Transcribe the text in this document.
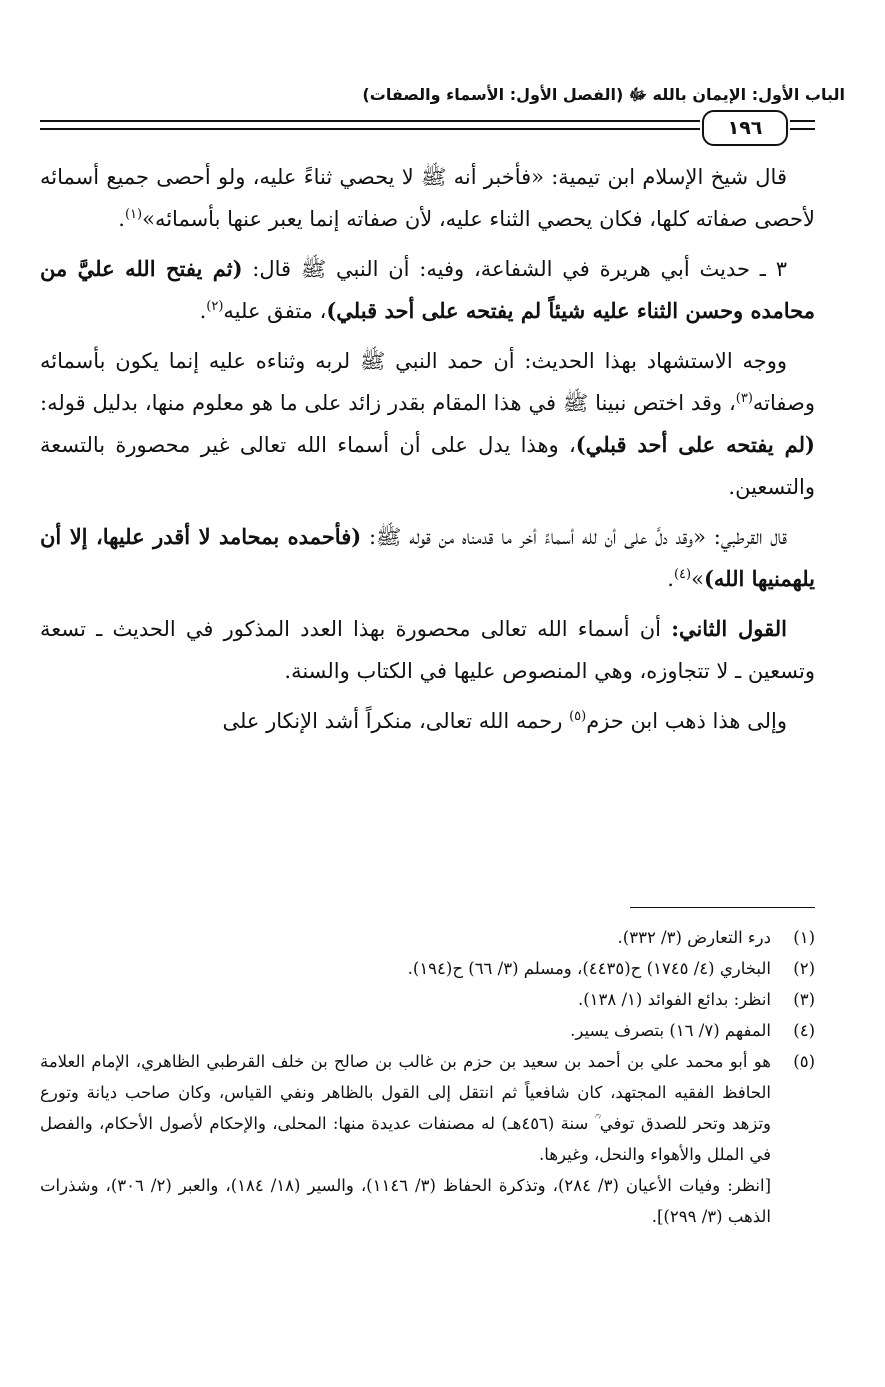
الباب الأول: الإيمان بالله ﷻ (الفصل الأول: الأسماء والصفات)
١٩٦

قال شيخ الإسلام ابن تيمية: «فأخبر أنه ﷺ لا يحصي ثناءً عليه، ولو أحصى جميع أسمائه لأحصى صفاته كلها، فكان يحصي الثناء عليه، لأن صفاته إنما يعبر عنها بأسمائه»$^{(١)}$.

٣ ـ حديث أبي هريرة في الشفاعة، وفيه: أن النبي ﷺ قال: (ثم يفتح الله عليَّ من محامده وحسن الثناء عليه شيئاً لم يفتحه على أحد قبلي)، متفق عليه$^{(٢)}$.

ووجه الاستشهاد بهذا الحديث: أن حمد النبي ﷺ لربه وثناءه عليه إنما يكون بأسمائه وصفاته$^{(٣)}$، وقد اختص نبينا ﷺ في هذا المقام بقدر زائد على ما هو معلوم منها، بدليل قوله: (لم يفتحه على أحد قبلي)، وهذا يدل على أن أسماء الله تعالى غير محصورة بالتسعة والتسعين.

قال القرطبي: «وقد دلَّ على أن لله أسماءً أخر ما قدمناه من قوله ﷺ: (فأحمده بمحامد لا أقدر عليها، إلا أن يلهمنيها الله)»$^{(٤)}$.

القول الثاني: أن أسماء الله تعالى محصورة بهذا العدد المذكور في الحديث ـ تسعة وتسعين ـ لا تتجاوزه، وهي المنصوص عليها في الكتاب والسنة.

وإلى هذا ذهب ابن حزم$^{(٥)}$ رحمه الله تعالى، منكراً أشد الإنكار على

(١)
درء التعارض (٣/ ٣٣٢).
(٢)
البخاري (٤/ ١٧٤٥) ح(٤٤٣٥)، ومسلم (٣/ ٦٦) ح(١٩٤).
(٣)
انظر: بدائع الفوائد (١/ ١٣٨).
(٤)
المفهم (٧/ ١٦) بتصرف يسير.
(٥)
هو أبو محمد علي بن أحمد بن سعيد بن حزم بن غالب بن صالح بن خلف القرطبي الظاهري، الإمام العلامة الحافظ الفقيه المجتهد، كان شافعياً ثم انتقل إلى القول بالظاهر ونفي القياس، وكان صاحب ديانة وتورع وتزهد وتحر للصدق توفي ؒ سنة (٤٥٦هـ) له مصنفات عديدة منها: المحلى، والإحكام لأصول الأحكام، والفصل في الملل والأهواء والنحل، وغيرها.

[انظر: وفيات الأعيان (٣/ ٢٨٤)، وتذكرة الحفاظ (٣/ ١١٤٦)، والسير (١٨/ ١٨٤)، والعبر (٢/ ٣٠٦)، وشذرات الذهب (٣/ ٢٩٩)].
